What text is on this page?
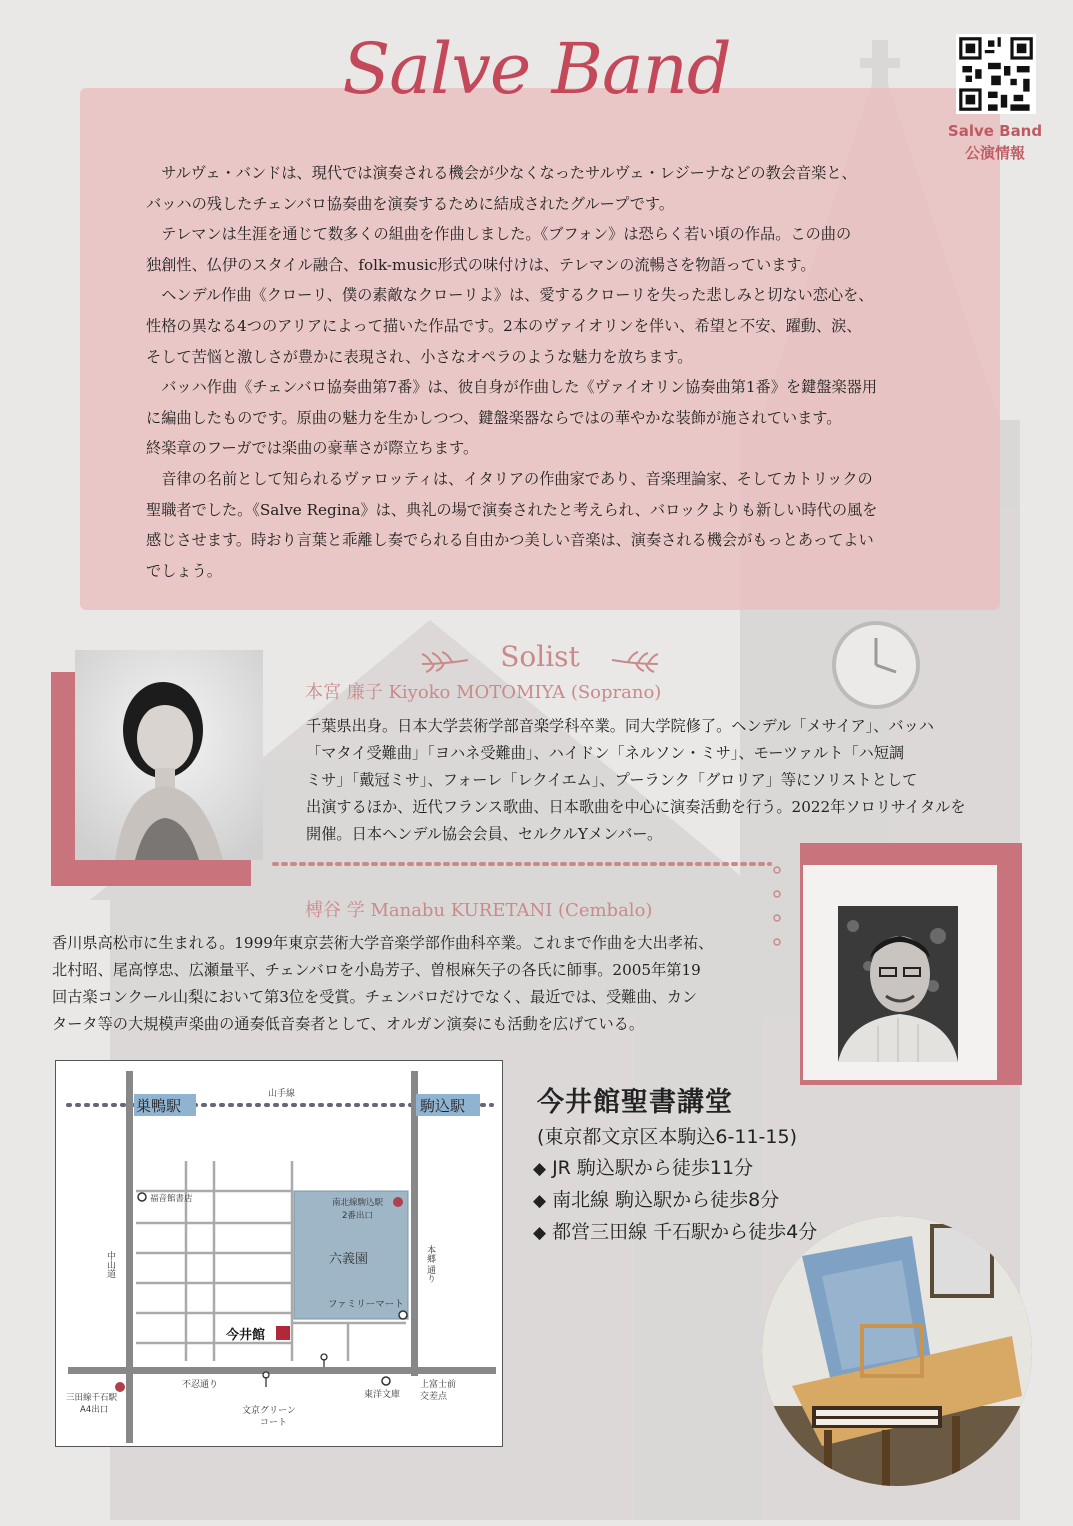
Salve Band
Salve Band
公演情報

サルヴェ・バンドは、現代では演奏される機会が少なくなったサルヴェ・レジーナなどの教会音楽と、

バッハの残したチェンバロ協奏曲を演奏するために結成されたグループです。

テレマンは生涯を通じて数多くの組曲を作曲しました。《ブフォン》は恐らく若い頃の作品。この曲の

独創性、仏伊のスタイル融合、folk-music形式の味付けは、テレマンの流暢さを物語っています。

ヘンデル作曲《クローリ、僕の素敵なクローリよ》は、愛するクローリを失った悲しみと切ない恋心を、

性格の異なる4つのアリアによって描いた作品です。2本のヴァイオリンを伴い、希望と不安、躍動、涙、

そして苦悩と激しさが豊かに表現され、小さなオペラのような魅力を放ちます。

バッハ作曲《チェンバロ協奏曲第7番》は、彼自身が作曲した《ヴァイオリン協奏曲第1番》を鍵盤楽器用

に編曲したものです。原曲の魅力を生かしつつ、鍵盤楽器ならではの華やかな装飾が施されています。

終楽章のフーガでは楽曲の豪華さが際立ちます。

音律の名前として知られるヴァロッティは、イタリアの作曲家であり、音楽理論家、そしてカトリックの

聖職者でした。《Salve Regina》は、典礼の場で演奏されたと考えられ、バロックよりも新しい時代の風を

感じさせます。時おり言葉と乖離し奏でられる自由かつ美しい音楽は、演奏される機会がもっとあってよい

でしょう。

Solist
本宮 廉子 Kiyoko MOTOMIYA (Soprano)
千葉県出身。日本大学芸術学部音楽学科卒業。同大学院修了。ヘンデル「メサイア」、バッハ
「マタイ受難曲」「ヨハネ受難曲」、ハイドン「ネルソン・ミサ」、モーツァルト「ハ短調
ミサ」「戴冠ミサ」、フォーレ「レクイエム」、プーランク「グロリア」等にソリストとして
出演するほか、近代フランス歌曲、日本歌曲を中心に演奏活動を行う。2022年ソロリサイタルを
開催。日本ヘンデル協会会員、セルクルYメンバー。
榑谷 学 Manabu KURETANI (Cembalo)
香川県高松市に生まれる。1999年東京芸術大学音楽学部作曲科卒業。これまで作曲を大出孝祐、
北村昭、尾高惇忠、広瀬量平、チェンバロを小島芳子、曽根麻矢子の各氏に師事。2005年第19
回古楽コンクール山梨において第3位を受賞。チェンバロだけでなく、最近では、受難曲、カン
タータ等の大規模声楽曲の通奏低音奏者として、オルガン演奏にも活動を広げている。
巣鴨駅	駒込駅
山手線
福音館書店	南北線駒込駅
2番出口
六義園
ファミリーマート
今井館
中山道	本郷
通り
不忍通り
東洋文庫
上富士前
交差点
三田線千石駅
A4出口	文京グリーン
コート
今井館聖書講堂
(東京都文京区本駒込6-11-15)
◆ JR 駒込駅から徒歩11分
◆ 南北線 駒込駅から徒歩8分
◆ 都営三田線 千石駅から徒歩4分
